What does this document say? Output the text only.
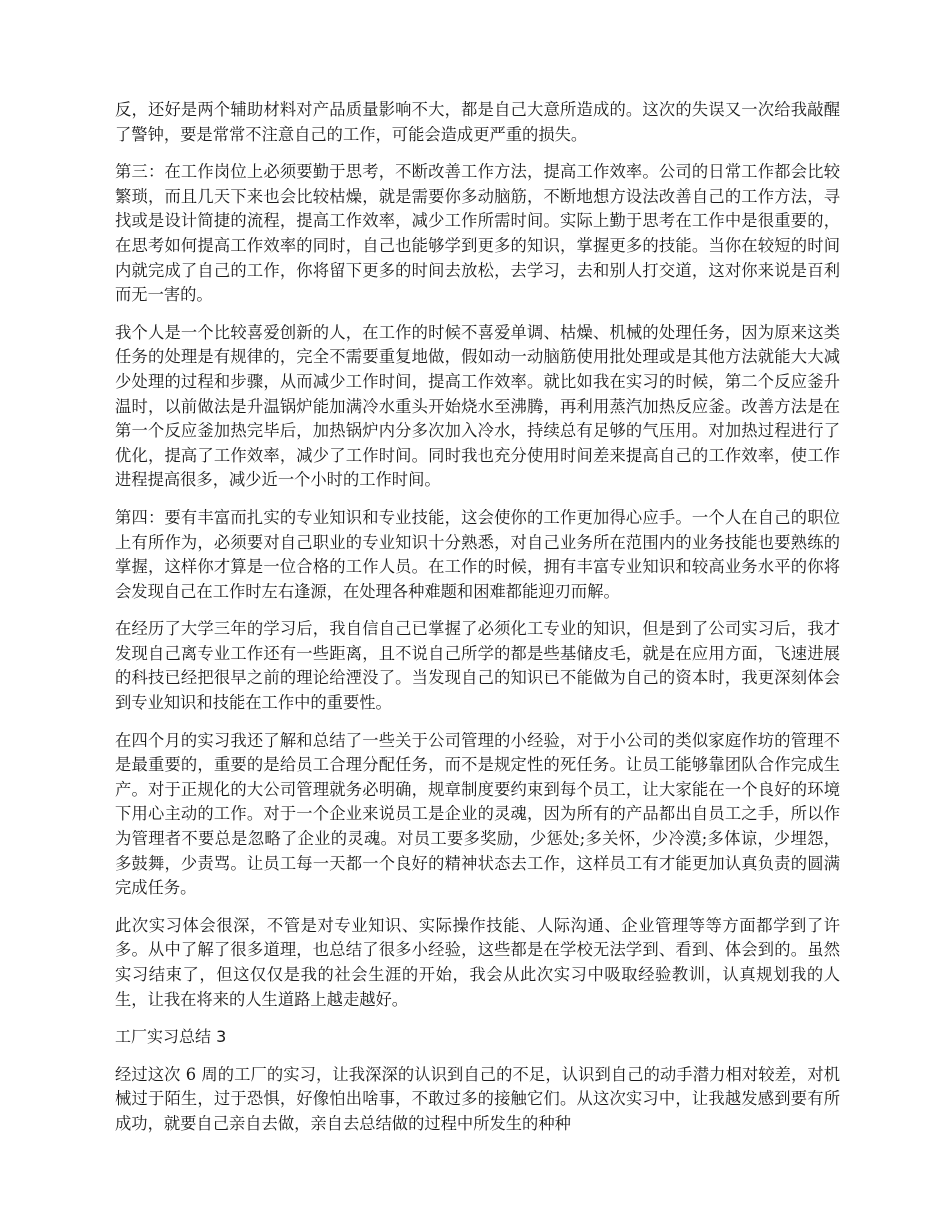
反，还好是两个辅助材料对产品质量影响不大，都是自己大意所造成的。这次的失误又一次给我敲醒了警钟，要是常常不注意自己的工作，可能会造成更严重的损失。

第三：在工作岗位上必须要勤于思考，不断改善工作方法，提高工作效率。公司的日常工作都会比较繁琐，而且几天下来也会比较枯燥，就是需要你多动脑筋，不断地想方设法改善自己的工作方法，寻找或是设计简捷的流程，提高工作效率，减少工作所需时间。实际上勤于思考在工作中是很重要的，在思考如何提高工作效率的同时，自己也能够学到更多的知识，掌握更多的技能。当你在较短的时间内就完成了自己的工作，你将留下更多的时间去放松，去学习，去和别人打交道，这对你来说是百利而无一害的。

我个人是一个比较喜爱创新的人，在工作的时候不喜爱单调、枯燥、机械的处理任务，因为原来这类任务的处理是有规律的，完全不需要重复地做，假如动一动脑筋使用批处理或是其他方法就能大大减少处理的过程和步骤，从而减少工作时间，提高工作效率。就比如我在实习的时候，第二个反应釜升温时，以前做法是升温锅炉能加满冷水重头开始烧水至沸腾，再利用蒸汽加热反应釜。改善方法是在第一个反应釜加热完毕后，加热锅炉内分多次加入冷水，持续总有足够的气压用。对加热过程进行了优化，提高了工作效率，减少了工作时间。同时我也充分使用时间差来提高自己的工作效率，使工作进程提高很多，减少近一个小时的工作时间。

第四：要有丰富而扎实的专业知识和专业技能，这会使你的工作更加得心应手。一个人在自己的职位上有所作为，必须要对自己职业的专业知识十分熟悉，对自己业务所在范围内的业务技能也要熟练的掌握，这样你才算是一位合格的工作人员。在工作的时候，拥有丰富专业知识和较高业务水平的你将会发现自己在工作时左右逢源，在处理各种难题和困难都能迎刃而解。

在经历了大学三年的学习后，我自信自己已掌握了必须化工专业的知识，但是到了公司实习后，我才发现自己离专业工作还有一些距离，且不说自己所学的都是些基储皮毛，就是在应用方面，飞速进展的科技已经把很早之前的理论给湮没了。当发现自己的知识已不能做为自己的资本时，我更深刻体会到专业知识和技能在工作中的重要性。

在四个月的实习我还了解和总结了一些关于公司管理的小经验，对于小公司的类似家庭作坊的管理不是最重要的，重要的是给员工合理分配任务，而不是规定性的死任务。让员工能够靠团队合作完成生产。对于正规化的大公司管理就务必明确，规章制度要约束到每个员工，让大家能在一个良好的环境下用心主动的工作。对于一个企业来说员工是企业的灵魂，因为所有的产品都出自员工之手，所以作为管理者不要总是忽略了企业的灵魂。对员工要多奖励，少惩处;多关怀，少冷漠;多体谅，少埋怨，多鼓舞，少责骂。让员工每一天都一个良好的精神状态去工作，这样员工有才能更加认真负责的圆满完成任务。

此次实习体会很深，不管是对专业知识、实际操作技能、人际沟通、企业管理等等方面都学到了许多。从中了解了很多道理，也总结了很多小经验，这些都是在学校无法学到、看到、体会到的。虽然实习结束了，但这仅仅是我的社会生涯的开始，我会从此次实习中吸取经验教训，认真规划我的人生，让我在将来的人生道路上越走越好。

工厂实习总结 3

经过这次 6 周的工厂的实习，让我深深的认识到自己的不足，认识到自己的动手潜力相对较差，对机械过于陌生，过于恐惧，好像怕出啥事，不敢过多的接触它们。从这次实习中，让我越发感到要有所成功，就要自己亲自去做，亲自去总结做的过程中所发生的种种
